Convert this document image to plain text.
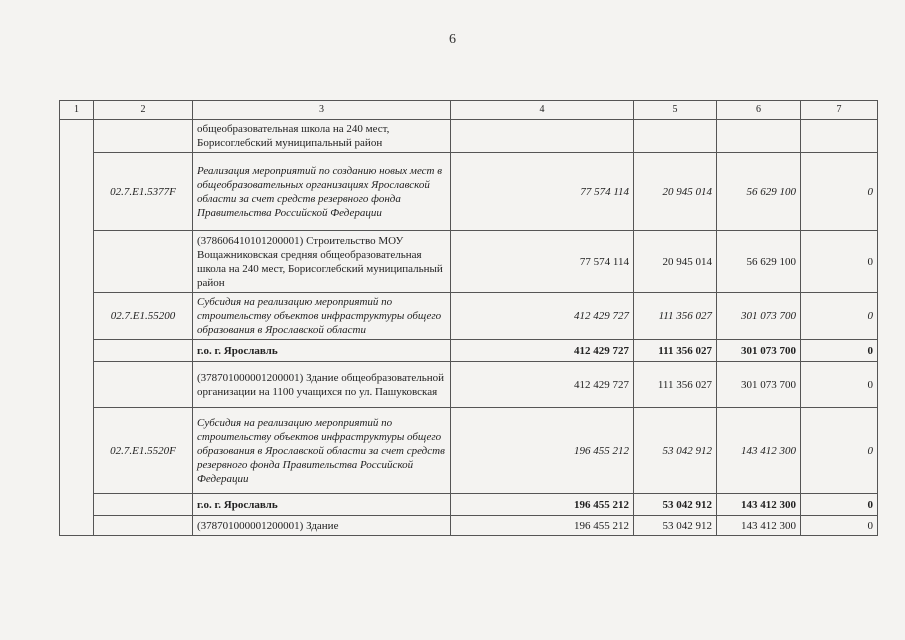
6
1	2	3	4	5	6	7
		общеобразовательная школа на 240 мест, Борисоглебский муниципальный район				
	02.7.E1.5377F	Реализация мероприятий по созданию новых мест в общеобразовательных организациях Ярославской области за счет средств резервного фонда Правительства Российской Федерации	77 574 114	20 945 014	56 629 100	0
		(378606410101200001) Строительство МОУ Вощажниковская средняя общеобразовательная школа на 240 мест, Борисоглебский муниципальный район	77 574 114	20 945 014	56 629 100	0
	02.7.E1.55200	Субсидия на реализацию мероприятий по строительству объектов инфраструктуры общего образования в Ярославской области	412 429 727	111 356 027	301 073 700	0
		г.о. г. Ярославль	412 429 727	111 356 027	301 073 700	0
		(378701000001200001) Здание общеобразовательной организации на 1100 учащихся по ул. Пашуковская	412 429 727	111 356 027	301 073 700	0
	02.7.E1.5520F	Субсидия на реализацию мероприятий по строительству объектов инфраструктуры общего образования в Ярославской области за счет средств резервного фонда Правительства Российской Федерации	196 455 212	53 042 912	143 412 300	0
		г.о. г. Ярославль	196 455 212	53 042 912	143 412 300	0
		(378701000001200001) Здание	196 455 212	53 042 912	143 412 300	0
